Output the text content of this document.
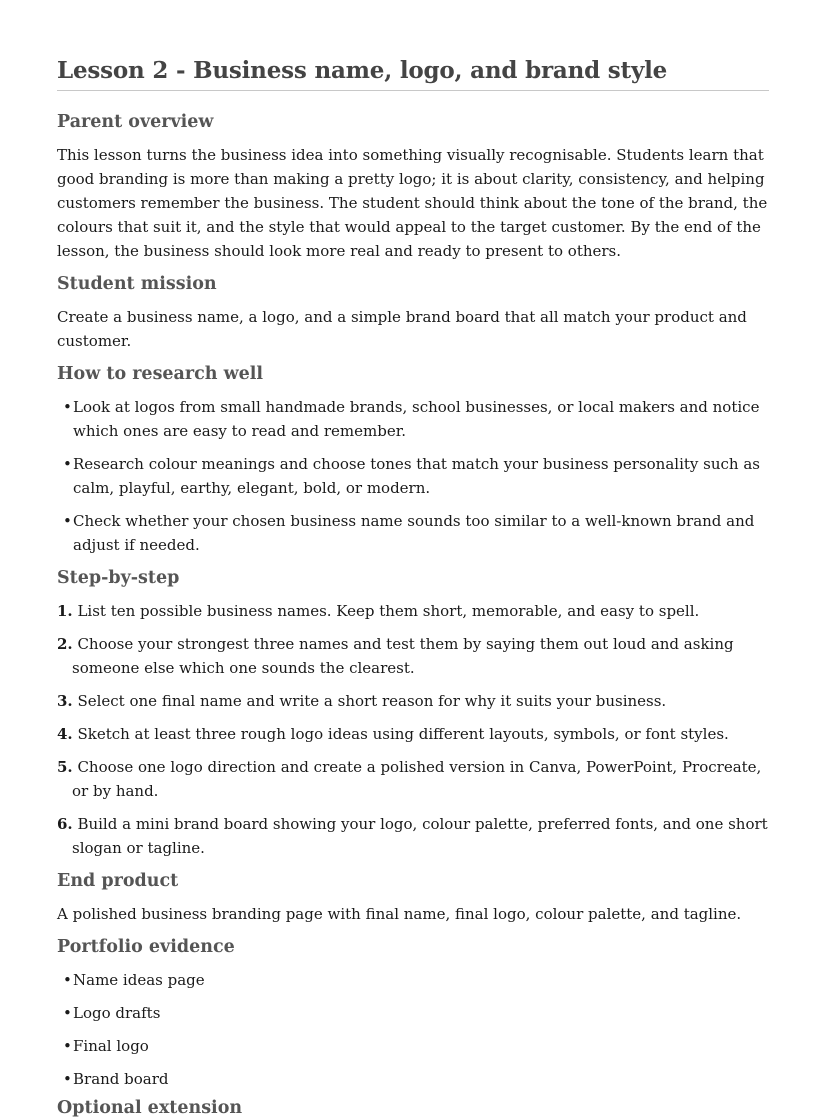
Lesson 2 - Business name, logo, and brand style
Parent overview

This lesson turns the business idea into something visually recognisable. Students learn that good branding is more than making a pretty logo; it is about clarity, consistency, and helping customers remember the business. The student should think about the tone of the brand, the colours that suit it, and the style that would appeal to the target customer. By the end of the lesson, the business should look more real and ready to present to others.

Student mission

Create a business name, a logo, and a simple brand board that all match your product and customer.

How to research well
•Look at logos from small handmade brands, school businesses, or local makers and notice which ones are easy to read and remember.
•Research colour meanings and choose tones that match your business personality such as calm, playful, earthy, elegant, bold, or modern.
•Check whether your chosen business name sounds too similar to a well-known brand and adjust if needed.
Step-by-step
1. List ten possible business names. Keep them short, memorable, and easy to spell.
2. Choose your strongest three names and test them by saying them out loud and asking someone else which one sounds the clearest.
3. Select one final name and write a short reason for why it suits your business.
4. Sketch at least three rough logo ideas using different layouts, symbols, or font styles.
5. Choose one logo direction and create a polished version in Canva, PowerPoint, Procreate, or by hand.
6. Build a mini brand board showing your logo, colour palette, preferred fonts, and one short slogan or tagline.
End product

A polished business branding page with final name, final logo, colour palette, and tagline.

Portfolio evidence
•Name ideas page
•Logo drafts
•Final logo
•Brand board
Optional extension
